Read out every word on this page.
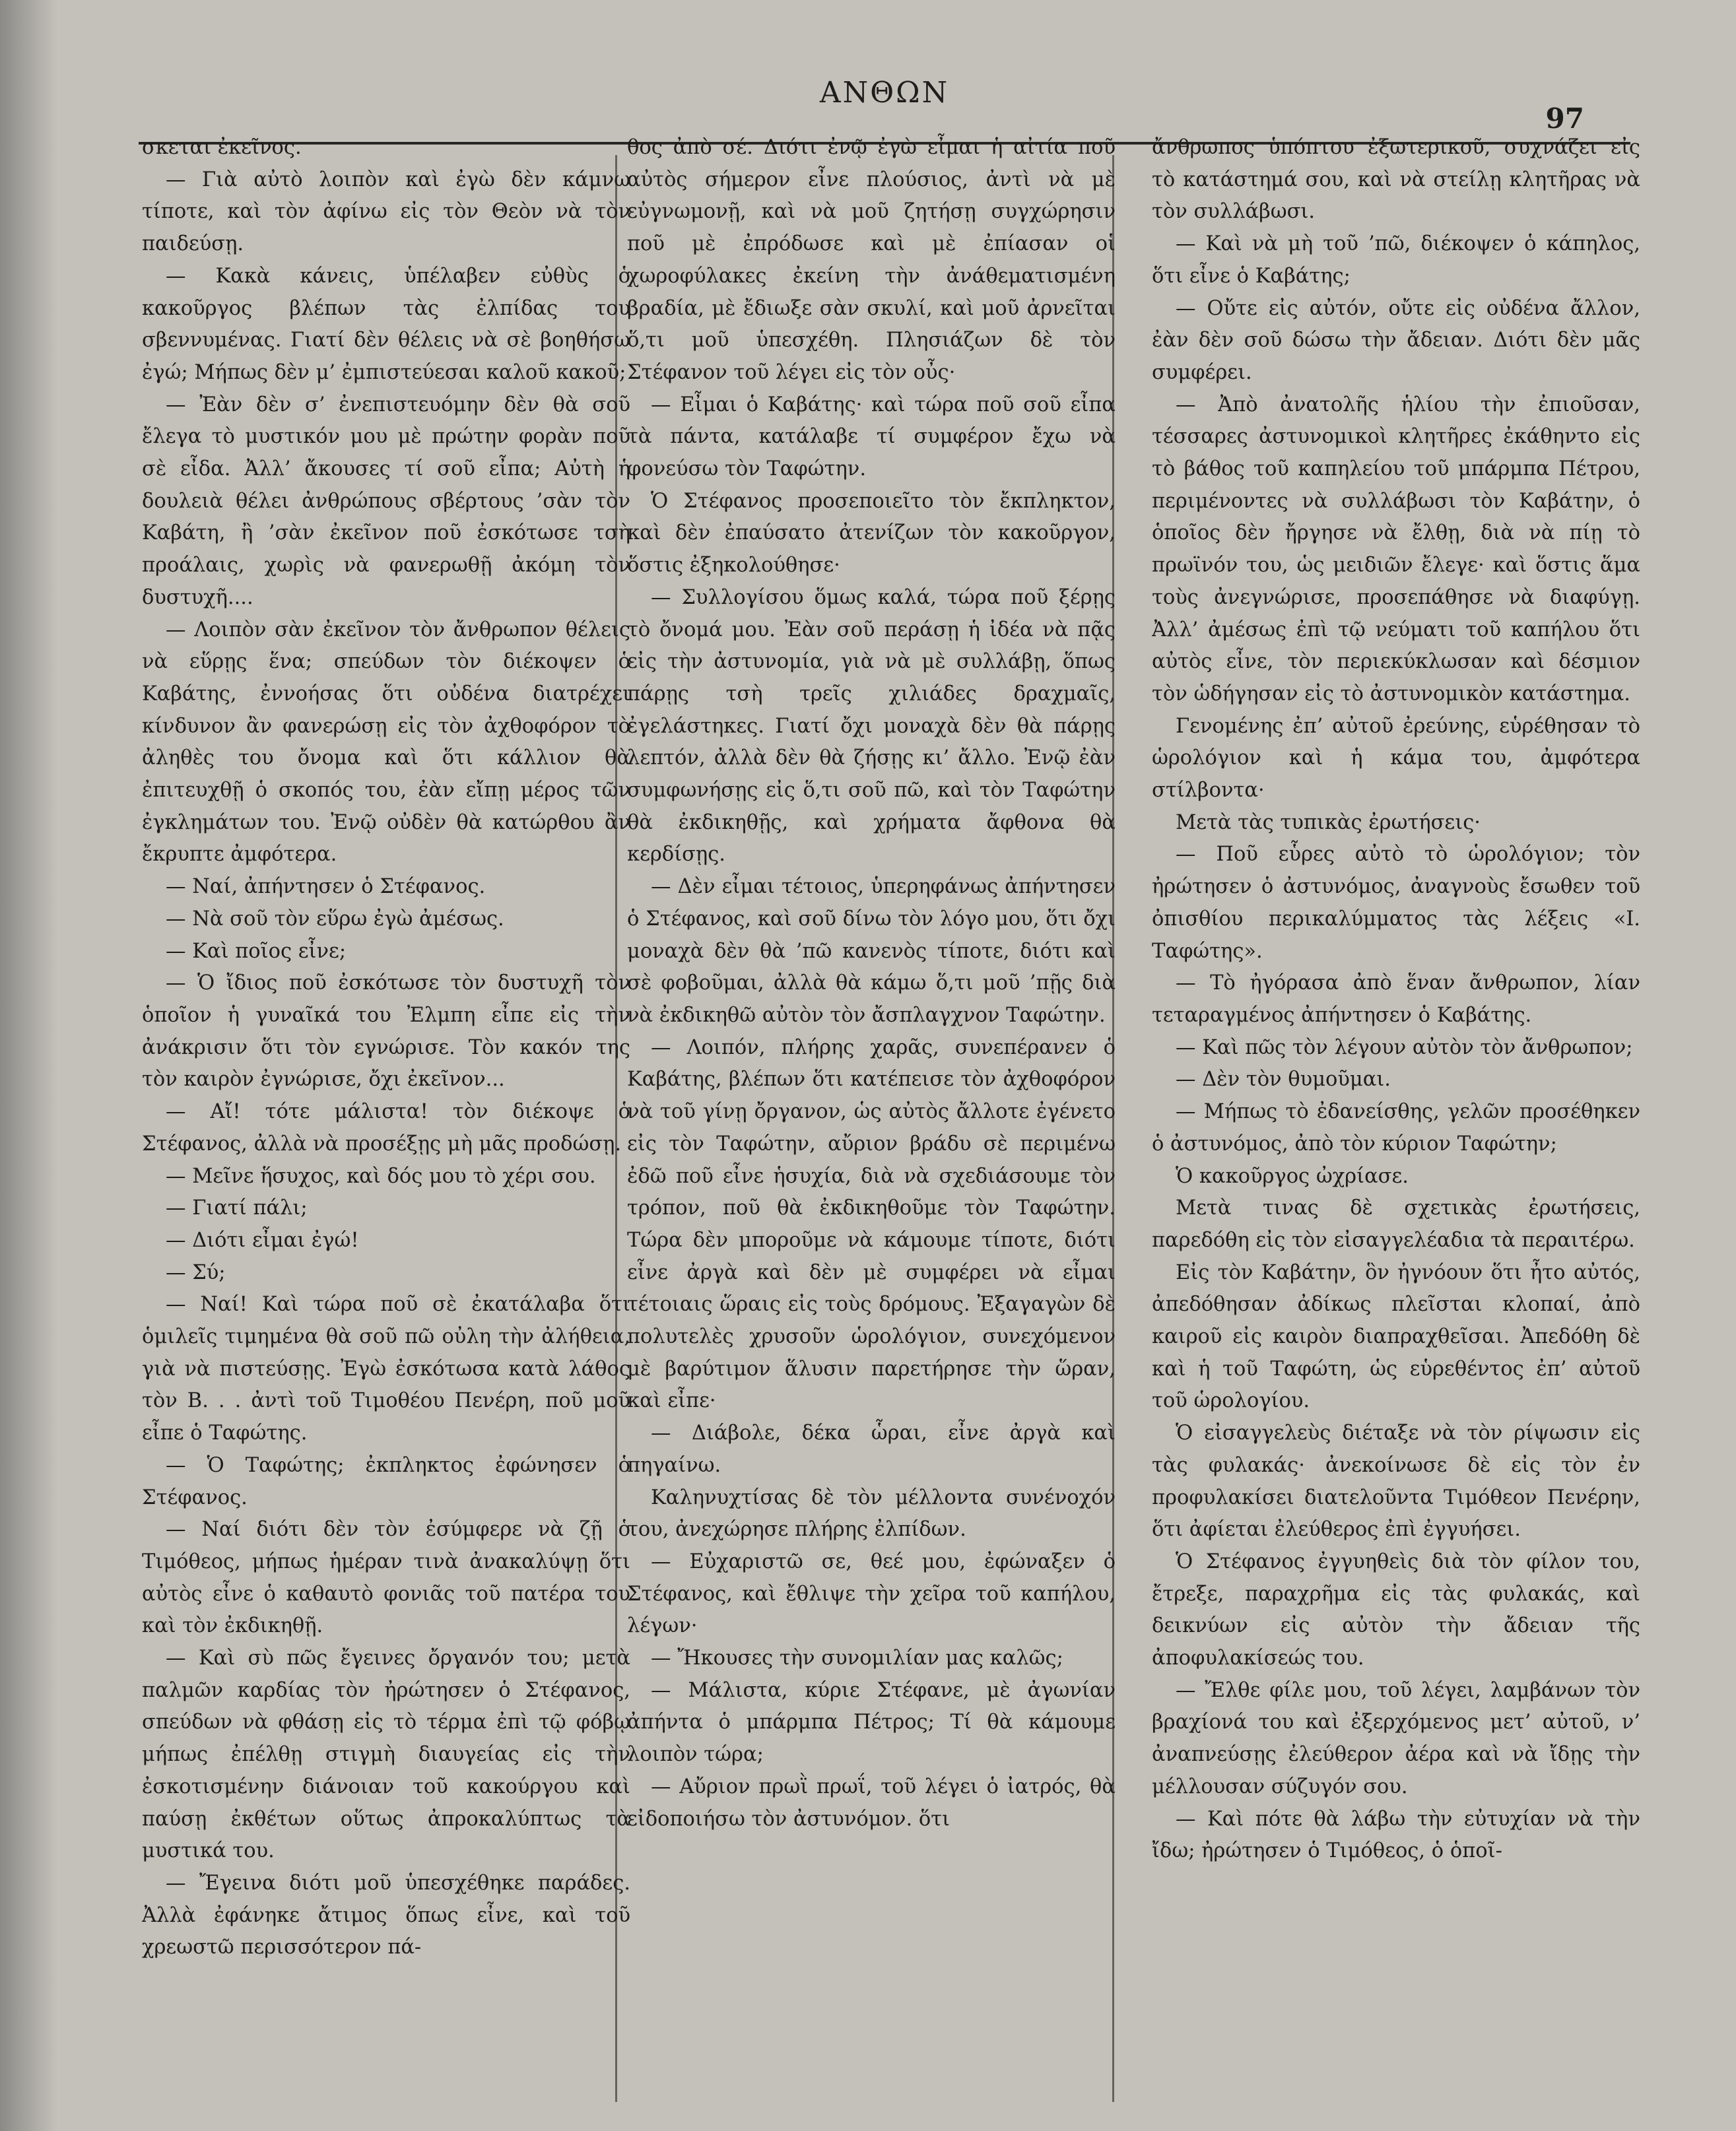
ΑΝΘΩΝ
97

σκεται ἐκεῖνος.

— Γιὰ αὐτὸ λοιπὸν καὶ ἐγὼ δὲν κάμνω τίποτε, καὶ τὸν ἀφίνω εἰς τὸν Θεὸν νὰ τὸν παιδεύσῃ.

— Κακὰ κάνεις, ὑπέλαβεν εὐθὺς ὁ κακοῦργος βλέπων τὰς ἐλπίδας του σβεννυμένας. Γιατί δὲν θέλεις νὰ σὲ βοηθήσω ἐγώ; Μήπως δὲν μ’ ἐμπιστεύεσαι καλοῦ κακοῦ;

— Ἐὰν δὲν σ’ ἐνεπιστευόμην δὲν θὰ σοῦ ἔλεγα τὸ μυστικόν μου μὲ πρώτην φορὰν ποῦ σὲ εἶδα. Ἀλλ’ ἄκουσες τί σοῦ εἶπα; Αὐτὴ ἡ δουλειὰ θέλει ἀνθρώπους σβέρτους ’σὰν τὸν Καβάτη, ἢ ’σὰν ἐκεῖνον ποῦ ἐσκότωσε τσὴ προάλαις, χωρὶς νὰ φανερωθῇ ἀκόμη τὸν δυστυχῆ....

— Λοιπὸν σὰν ἐκεῖνον τὸν ἄνθρωπον θέλεις νὰ εὕρῃς ἕνα; σπεύδων τὸν διέκοψεν ὁ Καβάτης, ἐννοήσας ὅτι οὐδένα διατρέχει κίνδυνον ἂν φανερώσῃ εἰς τὸν ἀχθοφόρον τὸ ἀληθὲς του ὄνομα καὶ ὅτι κάλλιον θὰ ἐπιτευχθῇ ὁ σκοπός του, ἐὰν εἴπῃ μέρος τῶν ἐγκλημάτων του. Ἐνῷ οὐδὲν θὰ κατώρθου ἂν ἔκρυπτε ἀμφότερα.

— Ναί, ἀπήντησεν ὁ Στέφανος.

— Νὰ σοῦ τὸν εὕρω ἐγὼ ἀμέσως.

— Καὶ ποῖος εἶνε;

— Ὁ ἴδιος ποῦ ἐσκότωσε τὸν δυστυχῆ τὸν ὁποῖον ἡ γυναῖκά του Ἐλμπη εἶπε εἰς τὴν ἀνάκρισιν ὅτι τὸν εγνώρισε. Τὸν κακόν της τὸν καιρὸν ἐγνώρισε, ὄχι ἐκεῖνον...

— Αἴ! τότε μάλιστα! τὸν διέκοψε ὁ Στέφανος, ἀλλὰ νὰ προσέξῃς μὴ μᾶς προδώσῃ.

— Μεῖνε ἥσυχος, καὶ δός μου τὸ χέρι σου.

— Γιατί πάλι;

— Διότι εἶμαι ἐγώ!

— Σύ;

— Ναί! Καὶ τώρα ποῦ σὲ ἐκατάλαβα ὅτι ὁμιλεῖς τιμημένα θὰ σοῦ πῶ οὐλη τὴν ἀλήθεια, γιὰ νὰ πιστεύσῃς. Ἐγὼ ἐσκότωσα κατὰ λάθος τὸν Β. . . ἀντὶ τοῦ Τιμοθέου Πενέρη, ποῦ μοῦ εἶπε ὁ Ταφώτης.

— Ὁ Ταφώτης; ἐκπληκτος ἐφώνησεν ὁ Στέφανος.

— Ναί διότι δὲν τὸν ἐσύμφερε νὰ ζῇ ὁ Τιμόθεος, μήπως ἡμέραν τινὰ ἀνακαλύψῃ ὅτι αὐτὸς εἶνε ὁ καθαυτὸ φονιᾶς τοῦ πατέρα του καὶ τὸν ἐκδικηθῇ.

— Καὶ σὺ πῶς ἔγεινες ὄργανόν του; μετὰ παλμῶν καρδίας τὸν ἠρώτησεν ὁ Στέφανος, σπεύδων νὰ φθάσῃ εἰς τὸ τέρμα ἐπὶ τῷ φόβῳ μήπως ἐπέλθῃ στιγμὴ διαυγείας εἰς τὴν ἐσκοτισμένην διάνοιαν τοῦ κακούργου καὶ παύσῃ ἐκθέτων οὕτως ἀπροκαλύπτως τὰ μυστικά του.

— Ἔγεινα διότι μοῦ ὑπεσχέθηκε παράδες. Ἀλλὰ ἐφάνηκε ἄτιμος ὅπως εἶνε, καὶ τοῦ χρεωστῶ περισσότερον πά-

θος ἀπὸ σέ. Διότι ἐνῷ ἐγὼ εἶμαι ἡ αἰτία ποῦ αὐτὸς σήμερον εἶνε πλούσιος, ἀντὶ νὰ μὲ εὐγνωμονῇ, καὶ νὰ μοῦ ζητήσῃ συγχώρησιν ποῦ μὲ ἐπρόδωσε καὶ μὲ ἐπίασαν οἱ χωροφύλακες ἐκείνη τὴν ἀνάθεματισμένη βραδία, μὲ ἔδιωξε σὰν σκυλί, καὶ μοῦ ἀρνεῖται ὅ,τι μοῦ ὑπεσχέθη. Πλησιάζων δὲ τὸν Στέφανον τοῦ λέγει εἰς τὸν οὖς·

— Εἶμαι ὁ Καβάτης· καὶ τώρα ποῦ σοῦ εἶπα τὰ πάντα, κατάλαβε τί συμφέρον ἔχω νὰ φονεύσω τὸν Ταφώτην.

Ὁ Στέφανος προσεποιεῖτο τὸν ἔκπληκτον, καὶ δὲν ἐπαύσατο ἀτενίζων τὸν κακοῦργον, ὅστις ἐξηκολούθησε·

— Συλλογίσου ὅμως καλά, τώρα ποῦ ξέρῃς τὸ ὄνομά μου. Ἐὰν σοῦ περάσῃ ἡ ἰδέα νὰ πᾷς εἰς τὴν ἀστυνομία, γιὰ νὰ μὲ συλλάβῃ, ὅπως πάρῃς τσὴ τρεῖς χιλιάδες δραχμαῖς, ἐγελάστηκες. Γιατί ὄχι μοναχὰ δὲν θὰ πάρῃς λεπτόν, ἀλλὰ δὲν θὰ ζήσῃς κι’ ἄλλο. Ἐνῷ ἐὰν συμφωνήσῃς εἰς ὅ,τι σοῦ πῶ, καὶ τὸν Ταφώτην θὰ ἐκδικηθῇς, καὶ χρήματα ἄφθονα θὰ κερδίσῃς.

— Δὲν εἶμαι τέτοιος, ὑπερηφάνως ἀπήντησεν ὁ Στέφανος, καὶ σοῦ δίνω τὸν λόγο μου, ὅτι ὄχι μοναχὰ δὲν θὰ ’πῶ κανενὸς τίποτε, διότι καὶ σὲ φοβοῦμαι, ἀλλὰ θὰ κάμω ὅ,τι μοῦ ’πῇς διὰ νὰ ἐκδικηθῶ αὐτὸν τὸν ἄσπλαγχνον Ταφώτην.

— Λοιπόν, πλήρης χαρᾶς, συνεπέρανεν ὁ Καβάτης, βλέπων ὅτι κατέπεισε τὸν ἀχθοφόρον νὰ τοῦ γίνῃ ὄργανον, ὡς αὐτὸς ἄλλοτε ἐγένετο εἰς τὸν Ταφώτην, αὔριον βράδυ σὲ περιμένω ἐδῶ ποῦ εἶνε ἡσυχία, διὰ νὰ σχεδιάσουμε τὸν τρόπον, ποῦ θὰ ἐκδικηθοῦμε τὸν Ταφώτην. Τώρα δὲν μποροῦμε νὰ κάμουμε τίποτε, διότι εἶνε ἀργὰ καὶ δὲν μὲ συμφέρει νὰ εἶμαι τέτοιαις ὥραις εἰς τοὺς δρόμους. Ἐξαγαγὼν δὲ πολυτελὲς χρυσοῦν ὡρολόγιον, συνεχόμενον μὲ βαρύτιμον ἅλυσιν παρετήρησε τὴν ὥραν, καὶ εἶπε·

— Διάβολε, δέκα ὧραι, εἶνε ἀργὰ καὶ πηγαίνω.

Καληνυχτίσας δὲ τὸν μέλλοντα συνένοχόν του, ἀνεχώρησε πλήρης ἐλπίδων.

— Εὐχαριστῶ σε, θεέ μου, ἐφώναξεν ὁ Στέφανος, καὶ ἔθλιψε τὴν χεῖρα τοῦ καπήλου, λέγων·

— Ἤκουσες τὴν συνομιλίαν μας καλῶς;

— Μάλιστα, κύριε Στέφανε, μὲ ἀγωνίαν ἀπήντα ὁ μπάρμπα Πέτρος; Τί θὰ κάμουμε λοιπὸν τώρα;

— Αὔριον πρωῒ πρωΐ, τοῦ λέγει ὁ ἰατρός, θὰ εἰδοποιήσω τὸν ἀστυνόμον. ὅτι

ἄνθρωπος ὑπόπτου ἐξωτερικοῦ, συχνάζει εἰς τὸ κατάστημά σου, καὶ νὰ στείλῃ κλητῆρας νὰ τὸν συλλάβωσι.

— Καὶ νὰ μὴ τοῦ ’πῶ, διέκοψεν ὁ κάπηλος, ὅτι εἶνε ὁ Καβάτης;

— Οὔτε εἰς αὐτόν, οὔτε εἰς οὐδένα ἄλλον, ἐὰν δὲν σοῦ δώσω τὴν ἄδειαν. Διότι δὲν μᾶς συμφέρει.

— Ἀπὸ ἀνατολῆς ἡλίου τὴν ἐπιοῦσαν, τέσσαρες ἀστυνομικοὶ κλητῆρες ἐκάθηντο εἰς τὸ βάθος τοῦ καπηλείου τοῦ μπάρμπα Πέτρου, περιμένοντες νὰ συλλάβωσι τὸν Καβάτην, ὁ ὁποῖος δὲν ἤργησε νὰ ἔλθῃ, διὰ νὰ πίῃ τὸ πρωϊνόν του, ὡς μειδιῶν ἔλεγε· καὶ ὅστις ἅμα τοὺς ἀνεγνώρισε, προσεπάθησε νὰ διαφύγῃ. Ἀλλ’ ἀμέσως ἐπὶ τῷ νεύματι τοῦ καπήλου ὅτι αὐτὸς εἶνε, τὸν περιεκύκλωσαν καὶ δέσμιον τὸν ὡδήγησαν εἰς τὸ ἀστυνομικὸν κατάστημα.

Γενομένης ἐπ’ αὐτοῦ ἐρεύνης, εὑρέθησαν τὸ ὡρολόγιον καὶ ἡ κάμα του, ἀμφότερα στίλβοντα·

Μετὰ τὰς τυπικὰς ἐρωτήσεις·

— Ποῦ εὗρες αὐτὸ τὸ ὡρολόγιον; τὸν ἠρώτησεν ὁ ἀστυνόμος, ἀναγνοὺς ἔσωθεν τοῦ ὀπισθίου περικαλύμματος τὰς λέξεις «Ι. Ταφώτης».

— Τὸ ἠγόρασα ἀπὸ ἕναν ἄνθρωπον, λίαν τεταραγμένος ἀπήντησεν ὁ Καβάτης.

— Καὶ πῶς τὸν λέγουν αὐτὸν τὸν ἄνθρωπον;

— Δὲν τὸν θυμοῦμαι.

— Μήπως τὸ ἐδανείσθης, γελῶν προσέθηκεν ὁ ἀστυνόμος, ἀπὸ τὸν κύριον Ταφώτην;

Ὁ κακοῦργος ὠχρίασε.

Μετὰ τινας δὲ σχετικὰς ἐρωτήσεις, παρεδόθη εἰς τὸν εἰσαγγελέαδια τὰ περαιτέρω.

Εἰς τὸν Καβάτην, ὃν ἠγνόουν ὅτι ἦτο αὐτός, ἀπεδόθησαν ἀδίκως πλεῖσται κλοπαί, ἀπὸ καιροῦ εἰς καιρὸν διαπραχθεῖσαι. Ἀπεδόθη δὲ καὶ ἡ τοῦ Ταφώτη, ὡς εὑρεθέντος ἐπ’ αὐτοῦ τοῦ ὡρολογίου.

Ὁ εἰσαγγελεὺς διέταξε νὰ τὸν ρίψωσιν εἰς τὰς φυλακάς· ἀνεκοίνωσε δὲ εἰς τὸν ἐν προφυλακίσει διατελοῦντα Τιμόθεον Πενέρην, ὅτι ἀφίεται ἐλεύθερος ἐπὶ ἐγγυήσει.

Ὁ Στέφανος ἐγγυηθεὶς διὰ τὸν φίλον του, ἔτρεξε, παραχρῆμα εἰς τὰς φυλακάς, καὶ δεικνύων εἰς αὐτὸν τὴν ἄδειαν τῆς ἀποφυλακίσεώς του.

— Ἔλθε φίλε μου, τοῦ λέγει, λαμβάνων τὸν βραχίονά του καὶ ἐξερχόμενος μετ’ αὐτοῦ, ν’ ἀναπνεύσῃς ἐλεύθερον ἀέρα καὶ νὰ ἴδῃς τὴν μέλλουσαν σύζυγόν σου.

— Καὶ πότε θὰ λάβω τὴν εὐτυχίαν νὰ τὴν ἴδω; ἠρώτησεν ὁ Τιμόθεος, ὁ ὁποῖ-
